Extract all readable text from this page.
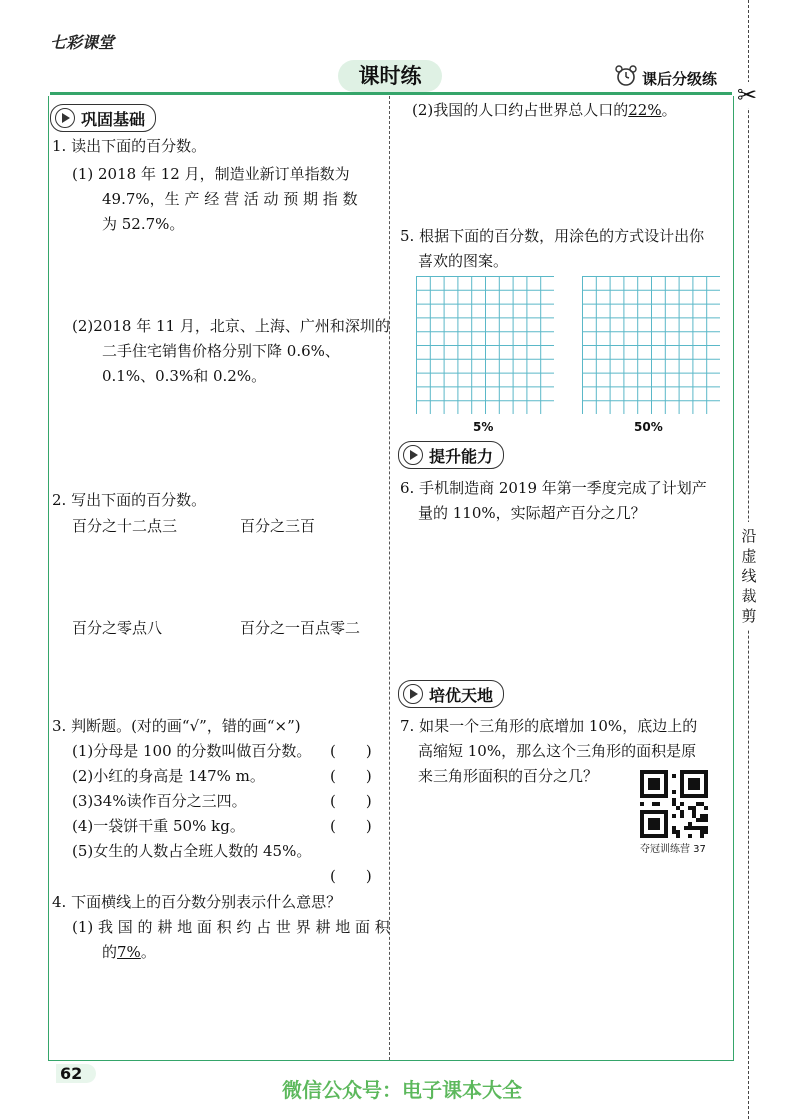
七彩课堂
课时练	课后分级练
✂
沿
虚
线
裁
剪
巩固基础
1. 读出下面的百分数。
(1) 2018 年 12 月，制造业新订单指数为
49.7%，生 产 经 营 活 动 预 期 指 数
为 52.7%。
(2)2018 年 11 月，北京、上海、广州和深圳的
二手住宅销售价格分别下降 0.6%、
0.1%、0.3%和 0.2%。
2. 写出下面的百分数。
百分之十二点三	百分之三百
百分之零点八	百分之一百点零二
3. 判断题。(对的画“√”，错的画“×”)
(1)分母是 100 的分数叫做百分数。 (　　)
(2)小红的身高是 147% m。	(　　)
(3)34%读作百分之三四。	(　　)
(4)一袋饼干重 50% kg。	(　　)
(5)女生的人数占全班人数的 45%。
(　　)
4. 下面横线上的百分数分别表示什么意思？
(1) 我 国 的 耕 地 面 积 约 占 世 界 耕 地 面 积
的7%。
(2)我国的人口约占世界总人口的22%。
5. 根据下面的百分数，用涂色的方式设计出你
喜欢的图案。
5%	50%
提升能力
6. 手机制造商 2019 年第一季度完成了计划产
量的 110%，实际超产百分之几？
培优天地
7. 如果一个三角形的底增加 10%，底边上的
高缩短 10%，那么这个三角形的面积是原
来三角形面积的百分之几？
夺冠训练营 37
62
微信公众号：电子课本大全
